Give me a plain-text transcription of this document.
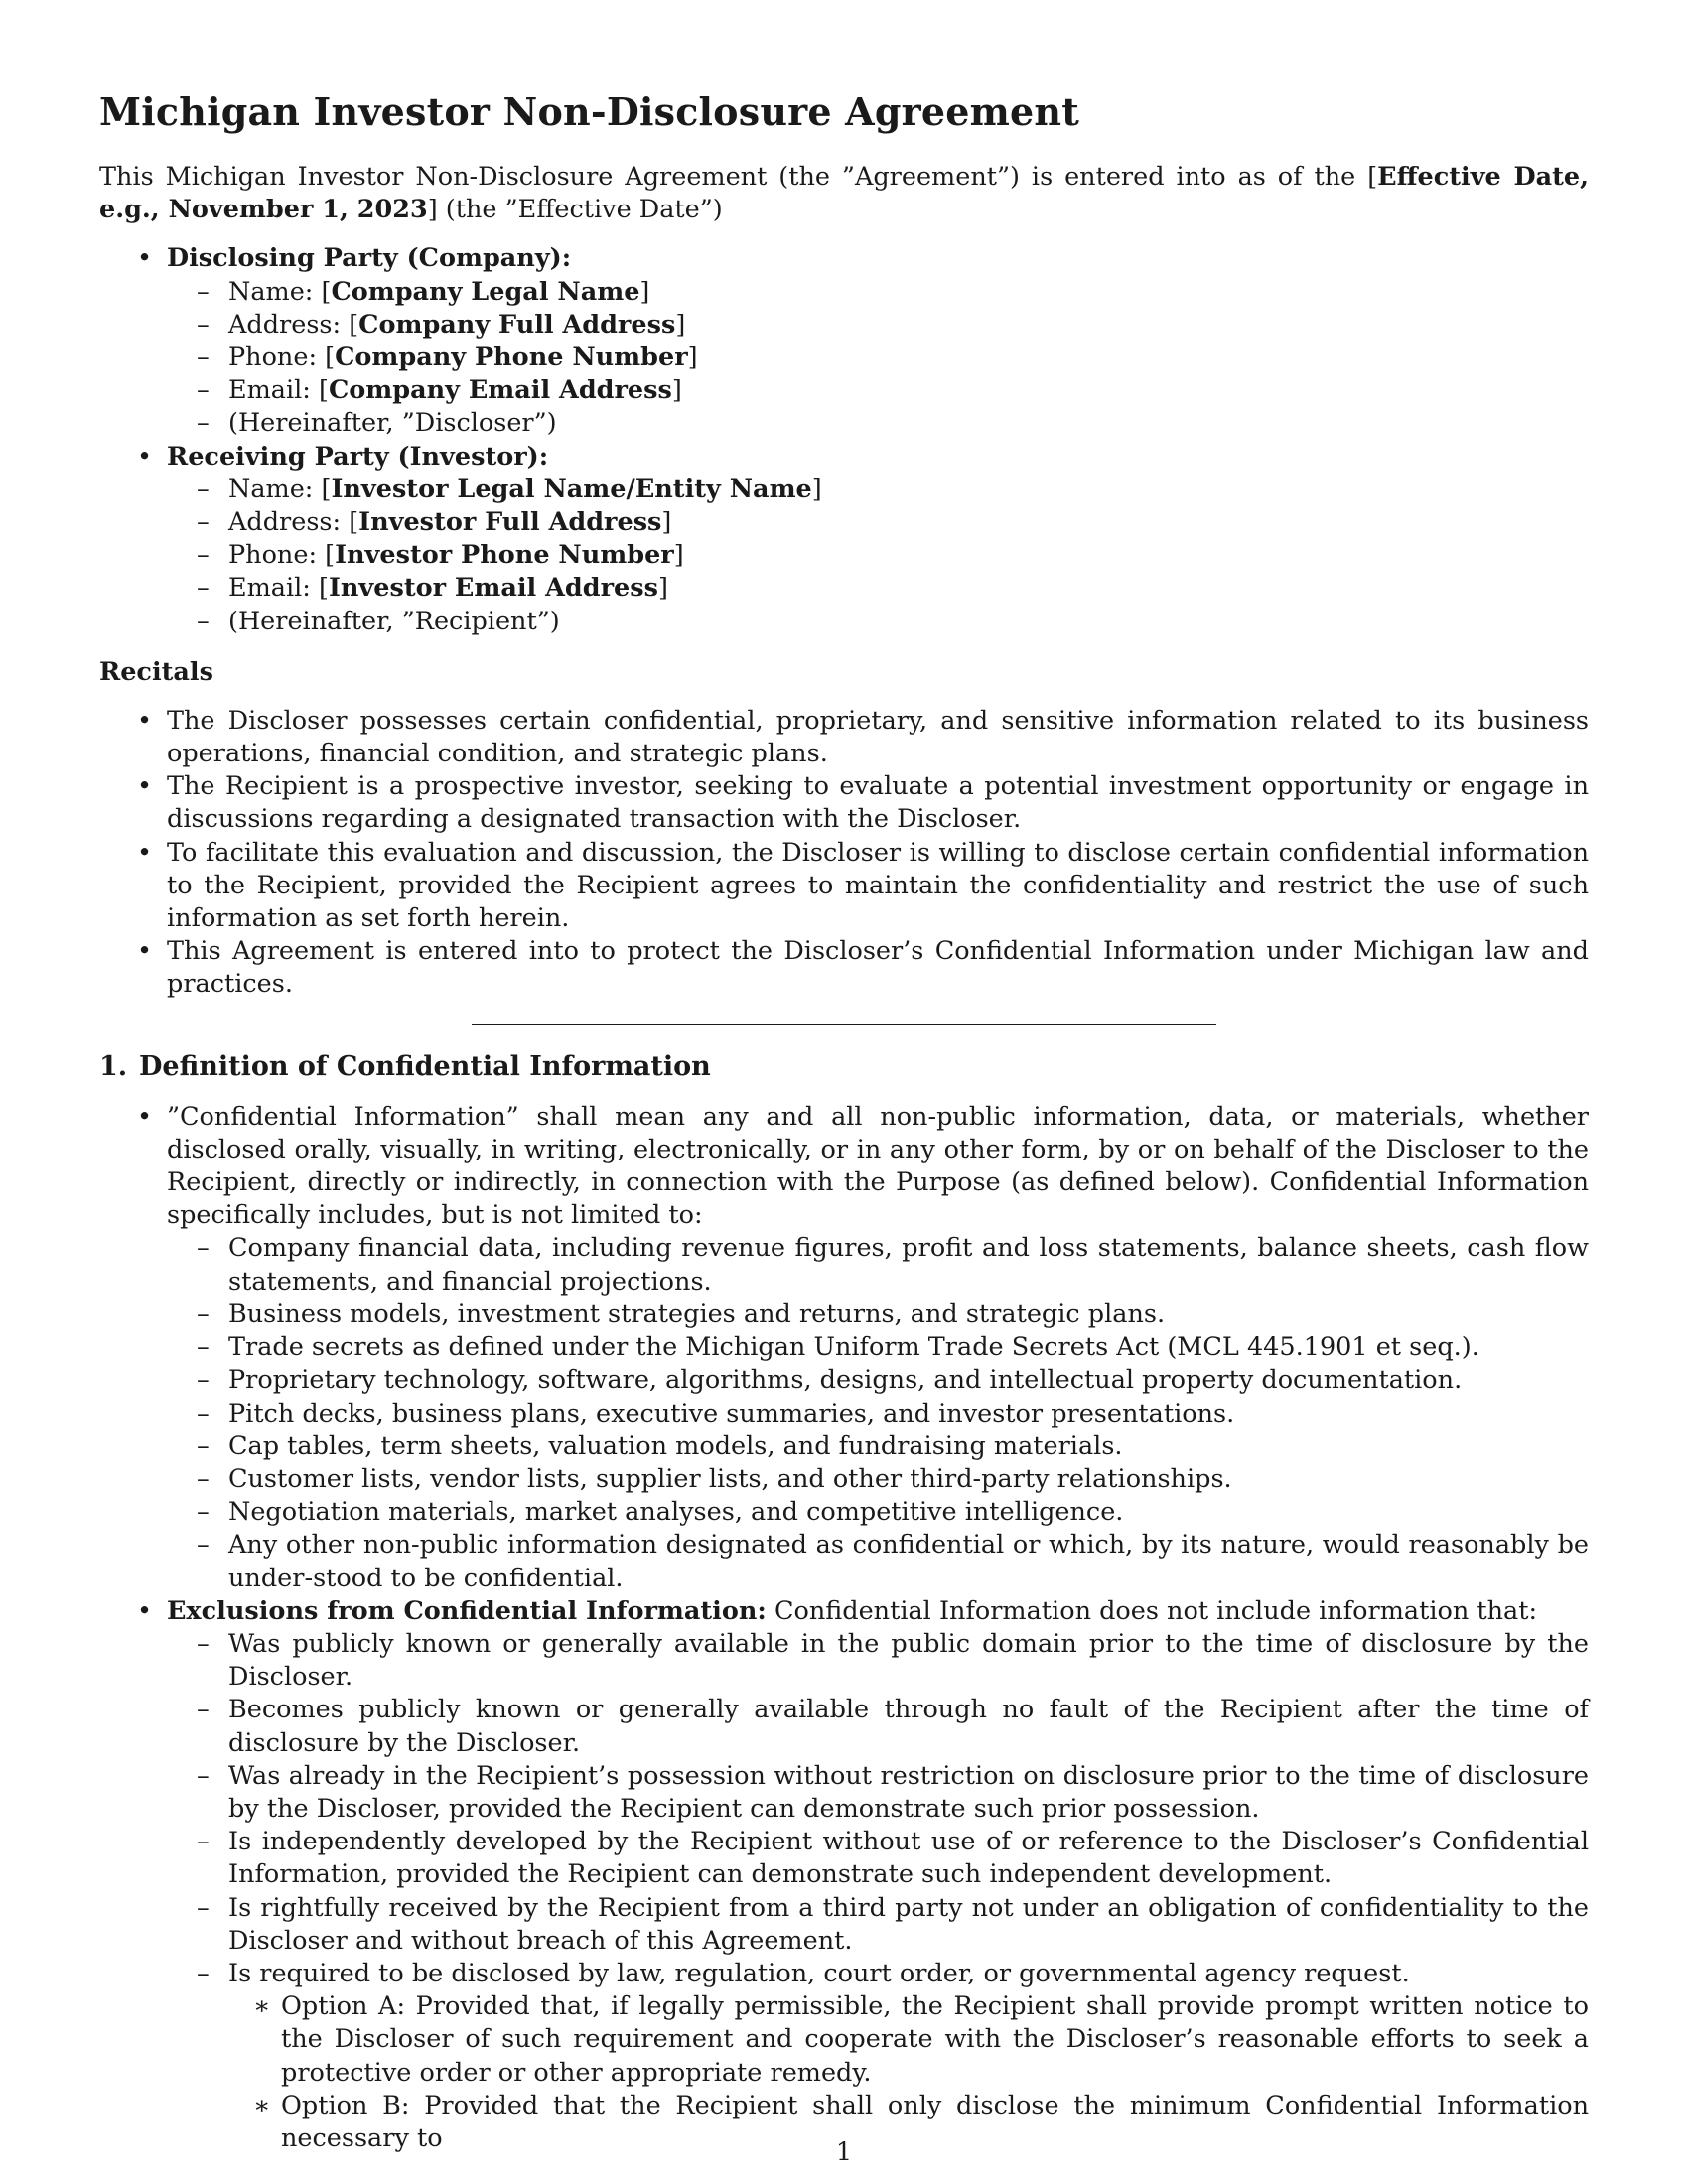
Michigan Investor Non-Disclosure Agreement

This Michigan Investor Non-Disclosure Agreement (the ”Agreement”) is entered into as of the [Effective Date, e.g., November 1, 2023] (the ”Effective Date”)

• Disclosing Party (Company):
– Name: [Company Legal Name]
– Address: [Company Full Address]
– Phone: [Company Phone Number]
– Email: [Company Email Address]
– (Hereinafter, ”Discloser”)
• Receiving Party (Investor):
– Name: [Investor Legal Name/Entity Name]
– Address: [Investor Full Address]
– Phone: [Investor Phone Number]
– Email: [Investor Email Address]
– (Hereinafter, ”Recipient”)

Recitals

• The Discloser possesses certain confidential, proprietary, and sensitive information related to its business operations, financial condition, and strategic plans.
• The Recipient is a prospective investor, seeking to evaluate a potential investment opportunity or engage in discussions regarding a designated transaction with the Discloser.
• To facilitate this evaluation and discussion, the Discloser is willing to disclose certain confidential information to the Recipient, provided the Recipient agrees to maintain the confidentiality and restrict the use of such information as set forth herein.
• This Agreement is entered into to protect the Discloser’s Confidential Information under Michigan law and practices.
1. Definition of Confidential Information
• ”Confidential Information” shall mean any and all non-public information, data, or materials, whether disclosed orally, visually, in writing, electronically, or in any other form, by or on behalf of the Discloser to the Recipient, directly or indirectly, in connection with the Purpose (as defined below). Confidential Information specifically includes, but is not limited to:
– Company financial data, including revenue figures, profit and loss statements, balance sheets, cash flow statements, and financial projections.
– Business models, investment strategies and returns, and strategic plans.
– Trade secrets as defined under the Michigan Uniform Trade Secrets Act (MCL 445.1901 et seq.).
– Proprietary technology, software, algorithms, designs, and intellectual property documentation.
– Pitch decks, business plans, executive summaries, and investor presentations.
– Cap tables, term sheets, valuation models, and fundraising materials.
– Customer lists, vendor lists, supplier lists, and other third-party relationships.
– Negotiation materials, market analyses, and competitive intelligence.
– Any other non-public information designated as confidential or which, by its nature, would reasonably be under-stood to be confidential.
• Exclusions from Confidential Information: Confidential Information does not include information that:
– Was publicly known or generally available in the public domain prior to the time of disclosure by the Discloser.
– Becomes publicly known or generally available through no fault of the Recipient after the time of disclosure by the Discloser.
– Was already in the Recipient’s possession without restriction on disclosure prior to the time of disclosure by the Discloser, provided the Recipient can demonstrate such prior possession.
– Is independently developed by the Recipient without use of or reference to the Discloser’s Confidential Information, provided the Recipient can demonstrate such independent development.
– Is rightfully received by the Recipient from a third party not under an obligation of confidentiality to the Discloser and without breach of this Agreement.
– Is required to be disclosed by law, regulation, court order, or governmental agency request.
∗ Option A: Provided that, if legally permissible, the Recipient shall provide prompt written notice to the Discloser of such requirement and cooperate with the Discloser’s reasonable efforts to seek a protective order or other appropriate remedy.
∗ Option B: Provided that the Recipient shall only disclose the minimum Confidential Information necessary to	1
